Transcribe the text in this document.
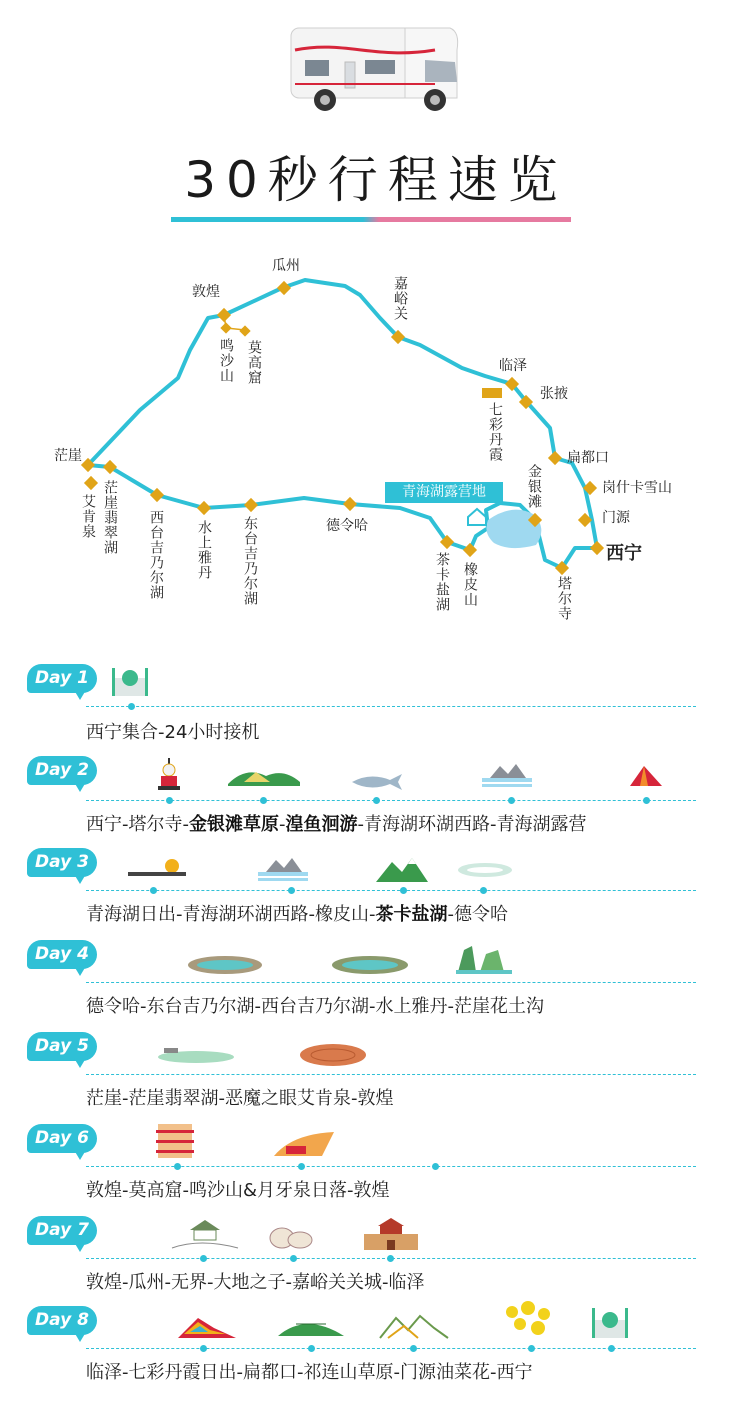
30秒行程速览
瓜州
敦煌	嘉峪关
临泽
张掖
七彩丹霞	扁都口
岗什卡雪山
门源
西宁
塔尔寺
金银滩
橡皮山
茶卡盐湖
德令哈
东台吉乃尔湖
水上雅丹
西台吉乃尔湖
茫崖翡翠湖
茫崖
艾肯泉
鸣沙山 莫高窟
青海湖露营地
Day 1
西宁集合-24小时接机
Day 2
西宁-塔尔寺-金银滩草原-湟鱼洄游-青海湖环湖西路-青海湖露营
Day 3
青海湖日出-青海湖环湖西路-橡皮山-茶卡盐湖-德令哈
Day 4
德令哈-东台吉乃尔湖-西台吉乃尔湖-水上雅丹-茫崖花土沟
Day 5
茫崖-茫崖翡翠湖-恶魔之眼艾肯泉-敦煌
Day 6
敦煌-莫高窟-鸣沙山&月牙泉日落-敦煌
Day 7
敦煌-瓜州-无界-大地之子-嘉峪关关城-临泽
Day 8
临泽-七彩丹霞日出-扁都口-祁连山草原-门源油菜花-西宁
